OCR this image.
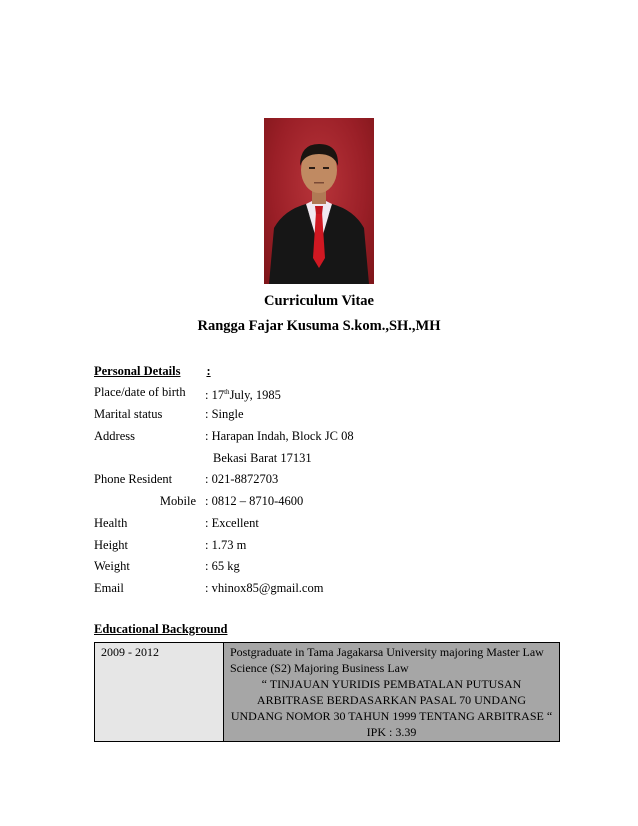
Curriculum Vitae
Rangga Fajar Kusuma S.kom.,SH.,MH
Personal Details :
Place/date of birth : 17thJuly, 1985
Marital status	: Single
Address	: Harapan Indah, Block JC 08
Bekasi Barat 17131
Phone Resident	: 021-8872703
Mobile : 0812 – 8710-4600
Health	: Excellent
Height	: 1.73 m
Weight	: 65 kg
Email	: vhinox85@gmail.com
Educational Background
2009 - 2012	Postgraduate in Tama Jagakarsa University majoring Master Law Science (S2) Majoring Business Law
“ TINJAUAN YURIDIS PEMBATALAN PUTUSAN ARBITRASE BERDASARKAN PASAL 70 UNDANG UNDANG NOMOR 30 TAHUN 1999 TENTANG ARBITRASE “
IPK : 3.39
